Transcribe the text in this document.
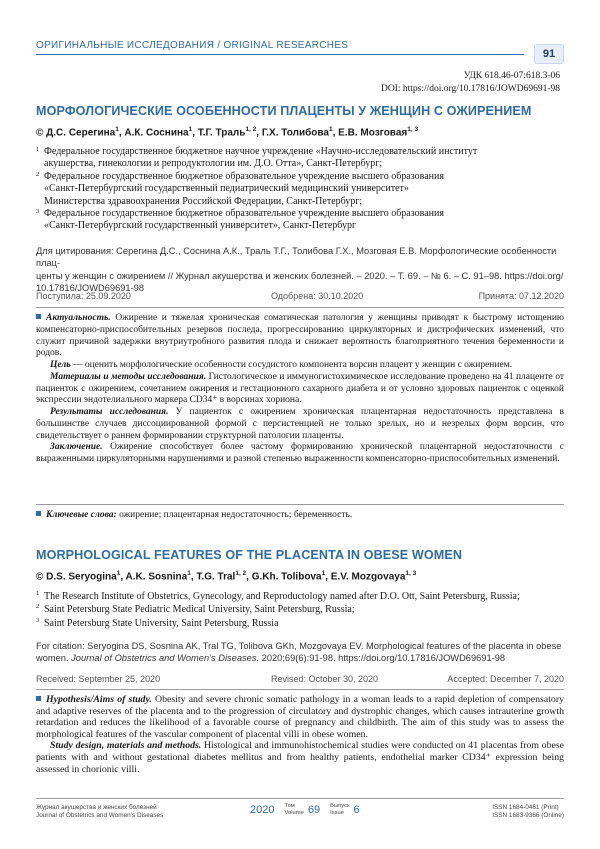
ОРИГИНАЛЬНЫЕ ИССЛЕДОВАНИЯ / ORIGINAL RESEARCHES
91
УДК 618.46-07:618.3-06
DOI: https://doi.org/10.17816/JOWD69691-98
МОРФОЛОГИЧЕСКИЕ ОСОБЕННОСТИ ПЛАЦЕНТЫ У ЖЕНЩИН С ОЖИРЕНИЕМ
© Д.С. Серегина$^1$, А.К. Соснина$^1$, Т.Г. Траль$^{1, 2}$, Г.Х. Толибова$^1$, Е.В. Мозговая$^{1, 3}$
1 Федеральное государственное бюджетное научное учреждение «Научно-исследовательский институт
акушерства, гинекологии и репродуктологии им. Д.О. Отта», Санкт-Петербург;
2 Федеральное государственное бюджетное образовательное учреждение высшего образования
«Санкт-Петербургский государственный педиатрический медицинский университет»
Министерства здравоохранения Российской Федерации, Санкт-Петербург;
3 Федеральное государственное бюджетное образовательное учреждение высшего образования
«Санкт-Петербургский государственный университет», Санкт-Петербург
Для цитирования: Серегина Д.С., Соснина А.К., Траль Т.Г., Толибова Г.Х., Мозговая Е.В. Морфологические особенности плац-
центы у женщин с ожирением // Журнал акушерства и женских болезней. – 2020. – Т. 69. – № 6. – С. 91–98. https://doi.org/
10.17816/JOWD69691-98
Поступила: 25.09.2020	Одобрена: 30.10.2020	Принята: 07.12.2020

Актуальность. Ожирение и тяжелая хроническая соматическая патология у женщины приводят к быстрому истощению компенсаторно-приспособительных резервов последа, прогрессированию циркуляторных и дистрофических изменений, что служит причиной задержки внутриутробного развития плода и снижает вероятность благоприятного течения беременности и родов.

Цель — оценить морфологические особенности сосудистого компонента ворсин плацент у женщин с ожирением.

Материалы и методы исследования. Гистологическое и иммуногистохимическое исследование проведено на 41 плаценте от пациенток с ожирением, сочетанием ожирения и гестационного сахарного диабета и от условно здоровых пациенток с оценкой экспрессии эндотелиального маркера CD34⁺ в ворсинах хориона.

Результаты исследования. У пациенток с ожирением хроническая плацентарная недостаточность представлена в большинстве случаев диссоциированной формой с персистенцией не только зрелых, но и незрелых форм ворсин, что свидетельствует о раннем формировании структурной патологии плаценты.

Заключение. Ожирение способствует более частому формированию хронической плацентарной недостаточности с выраженными циркуляторными нарушениями и разной степенью выраженности компенсаторно-приспособительных изменений.

Ключевые слова: ожирение; плацентарная недостаточность; беременность.
MORPHOLOGICAL FEATURES OF THE PLACENTA IN OBESE WOMEN
© D.S. Seryogina$^1$, A.K. Sosnina$^1$, T.G. Tral$^{1, 2}$, G.Kh. Tolibova$^1$, E.V. Mozgovaya$^{1, 3}$
1 The Research Institute of Obstetrics, Gynecology, and Reproductology named after D.O. Ott, Saint Petersburg, Russia;
2 Saint Petersburg State Pediatric Medical University, Saint Petersburg, Russia;
3 Saint Petersburg State University, Saint Petersburg, Russia
For citation: Seryogina DS, Sosnina AK, Tral TG, Tolibova GKh, Mozgovaya EV. Morphological features of the placenta in obese women. Journal of Obstetrics and Women’s Diseases. 2020;69(6):91-98. https://doi.org/10.17816/JOWD69691-98
Received: September 25, 2020	Revised: October 30, 2020	Accepted: December 7, 2020

Hypothesis/Aims of study. Obesity and severe chronic somatic pathology in a woman leads to a rapid depletion of compensatory and adaptive reserves of the placenta and to the progression of circulatory and dystrophic changes, which causes intrauterine growth retardation and reduces the likelihood of a favorable course of pregnancy and childbirth. The aim of this study was to assess the morphological features of the vascular component of placental villi in obese women.

Study design, materials and methods. Histological and immunohistochemical studies were conducted on 41 placentas from obese patients with and without gestational diabetes mellitus and from healthy patients, endothelial marker CD34⁺ expression being assessed in chorionic villi.

Журнал акушерства и женских болезней
Journal of Obstetrics and Women’s Diseases	2020 Том
Volume 69 Выпуск
Issue 6	ISSN 1684-0461 (Print)
ISSN 1683-9366 (Online)
